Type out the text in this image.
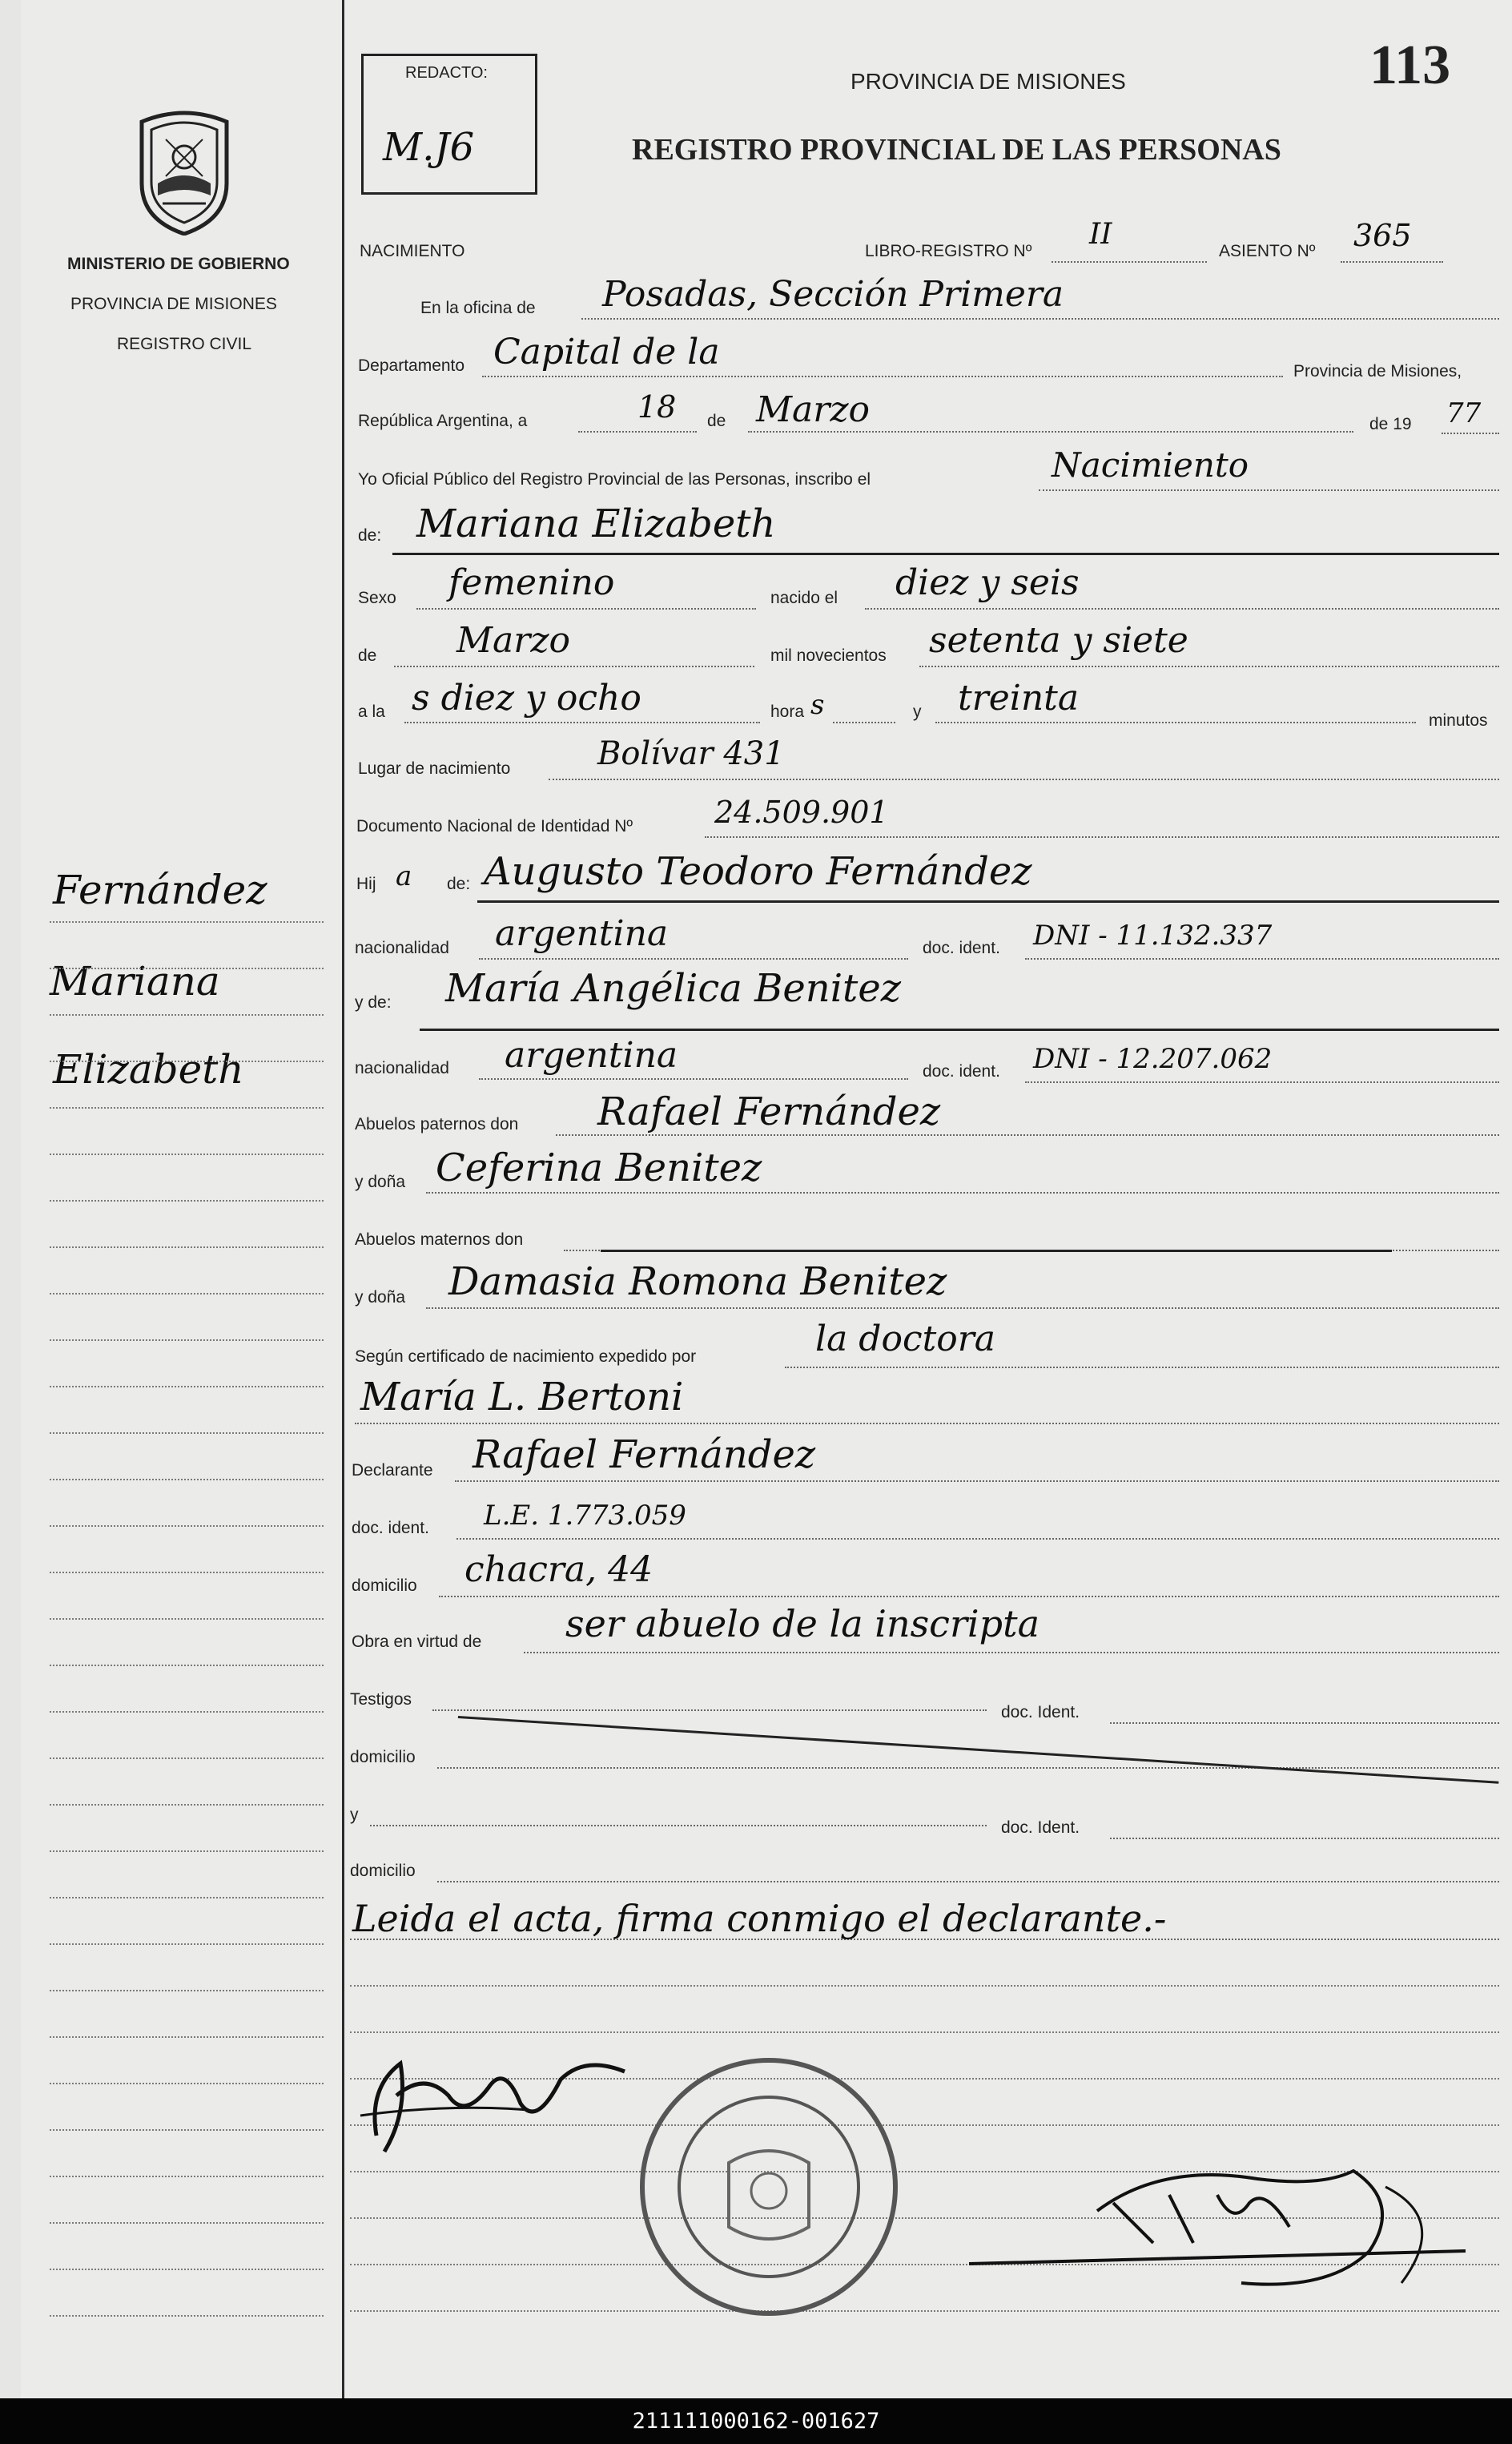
MINISTERIO DE GOBIERNO
PROVINCIA DE MISIONES
REGISTRO CIVIL
Fernández
Mariana
Elizabeth
REDACTO:
M.J6
PROVINCIA DE MISIONES
REGISTRO PROVINCIAL DE LAS PERSONAS
113
NACIMIENTO	LIBRO-REGISTRO Nº
II
ASIENTO Nº 365
En la oficina de Posadas, Sección Primera
Departamento Capital de la	Provincia de Misiones,
República Argentina, a	18 de Marzo	de 19 77
Yo Oficial Público del Registro Provincial de las Personas, inscribo el	Nacimiento
de: Mariana Elizabeth
Sexo femenino	nacido el diez y seis
de Marzo	mil novecientos setenta y siete
a la s diez y ocho	hora s	y treinta
minutos
Lugar de nacimiento	Bolívar 431
Documento Nacional de Identidad Nº	24.509.901
Hij a de: Augusto Teodoro Fernández
nacionalidad argentina	doc. ident. DNI - 11.132.337
y de: María Angélica Benitez
nacionalidad argentina	doc. ident. DNI - 12.207.062
Abuelos paternos don Rafael Fernández
y doña Ceferina Benitez
Abuelos maternos don
y doña Damasia Romona Benitez
Según certificado de nacimiento expedido por	la doctora
María L. Bertoni
Declarante Rafael Fernández
doc. ident. L.E. 1.773.059
domicilio chacra, 44
Obra en virtud de ser abuelo de la inscripta
Testigos
doc. Ident.
domicilio
y
doc. Ident.
domicilio
Leida el acta, firma conmigo el declarante.-
211111000162-001627
